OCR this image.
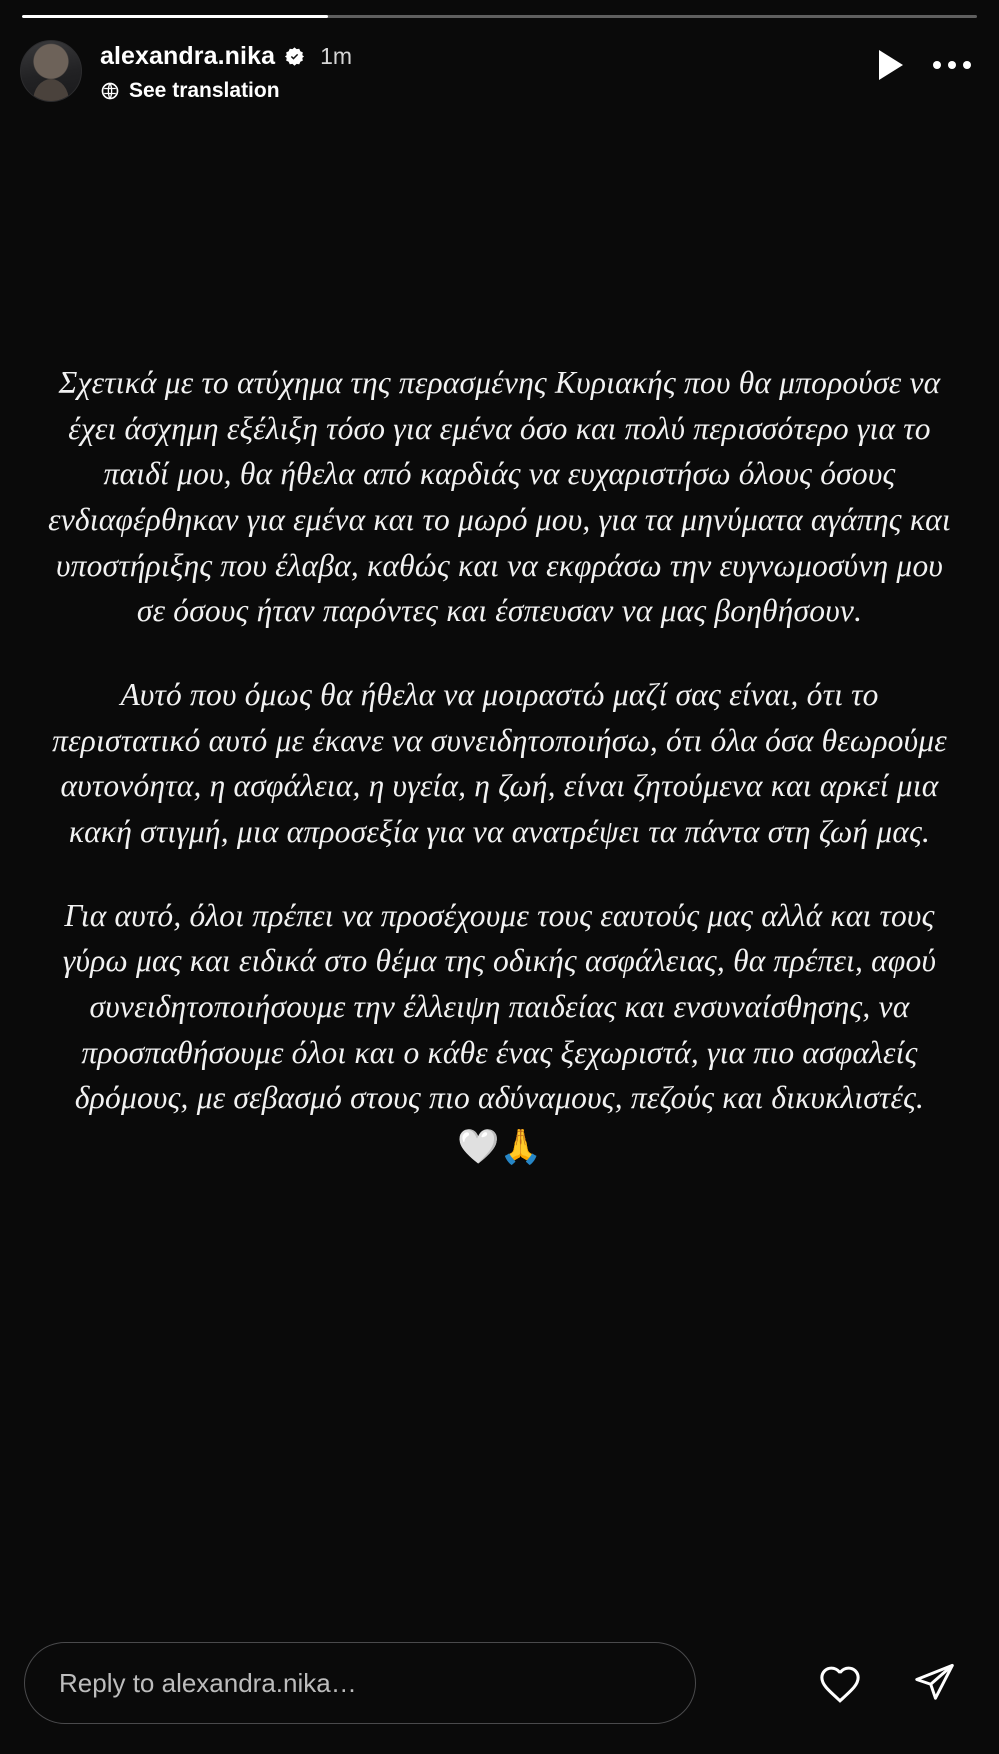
alexandra.nika 1m
See translation

Σχετικά με το ατύχημα της περασμένης Κυριακής που θα μπορούσε να έχει άσχημη εξέλιξη τόσο για εμένα όσο και πολύ περισσότερο για το παιδί μου, θα ήθελα από καρδιάς να ευχαριστήσω όλους όσους ενδιαφέρθηκαν για εμένα και το μωρό μου, για τα μηνύματα αγάπης και υποστήριξης που έλαβα, καθώς και να εκφράσω την ευγνωμοσύνη μου σε όσους ήταν παρόντες και έσπευσαν να μας βοηθήσουν.

Αυτό που όμως θα ήθελα να μοιραστώ μαζί σας είναι, ότι το περιστατικό αυτό με έκανε να συνειδητοποιήσω, ότι όλα όσα θεωρούμε αυτονόητα, η ασφάλεια, η υγεία, η ζωή, είναι ζητούμενα και αρκεί μια κακή στιγμή, μια απροσεξία για να ανατρέψει τα πάντα στη ζωή μας.

Για αυτό, όλοι πρέπει να προσέχουμε τους εαυτούς μας αλλά και τους γύρω μας και ειδικά στο θέμα της οδικής ασφάλειας, θα πρέπει, αφού συνειδητοποιήσουμε την έλλειψη παιδείας και ενσυναίσθησης, να προσπαθήσουμε όλοι και ο κάθε ένας ξεχωριστά, για πιο ασφαλείς δρόμους, με σεβασμό στους πιο αδύναμους, πεζούς και δικυκλιστές.

🤍🙏
Reply to alexandra.nika…
